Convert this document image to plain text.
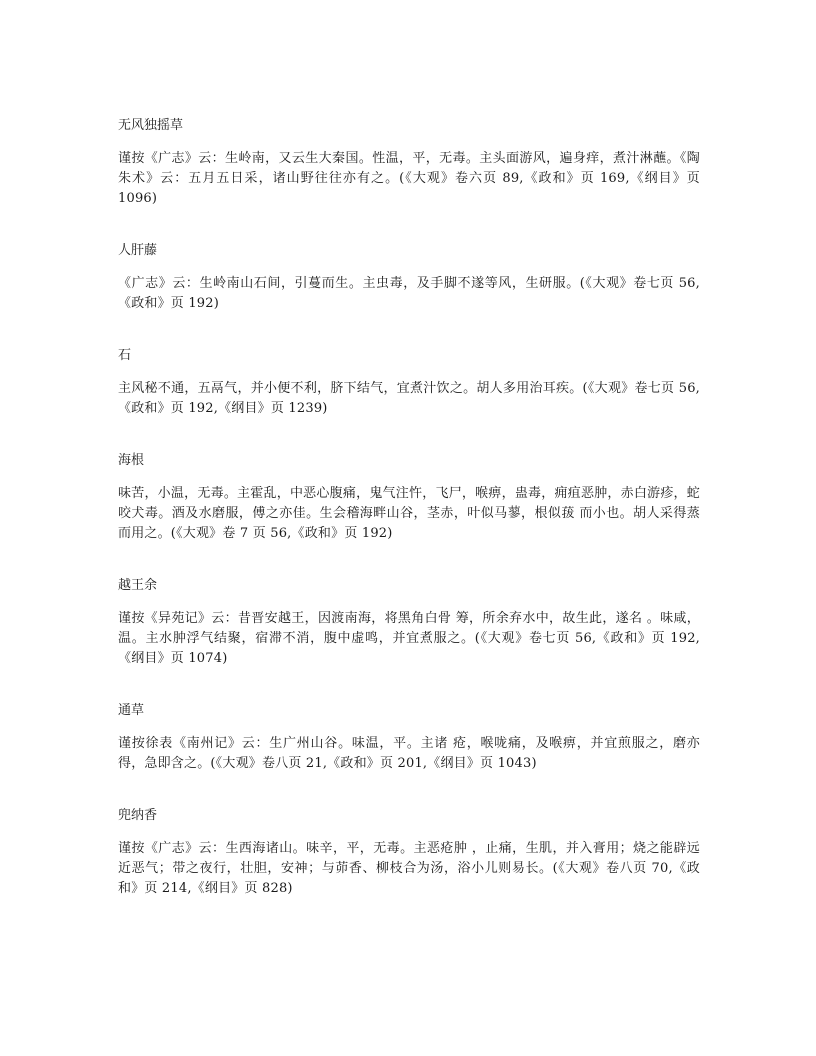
无风独摇草

谨按《广志》云：生岭南，又云生大秦国。性温，平，无毒。主头面游风，遍身痒，煮汁淋蘸。《陶朱术》云：五月五日采，诸山野往往亦有之。(《大观》卷六页 89,《政和》页 169,《纲目》页 1096)

人肝藤

《广志》云：生岭南山石间，引蔓而生。主虫毒，及手脚不遂等风，生研服。(《大观》卷七页 56,《政和》页 192)

石

主风秘不通，五鬲气，并小便不利，脐下结气，宜煮汁饮之。胡人多用治耳疾。(《大观》卷七页 56,《政和》页 192,《纲目》页 1239)

海根

味苦，小温，无毒。主霍乱，中恶心腹痛，鬼气注忤，飞尸，喉痹，蛊毒，痈疽恶肿，赤白游疹，蛇咬犬毒。酒及水磨服，傅之亦佳。生会稽海畔山谷，茎赤，叶似马蓼，根似菝 而小也。胡人采得蒸而用之。(《大观》卷 7 页 56,《政和》页 192)

越王余

谨按《异苑记》云：昔晋安越王，因渡南海，将黑角白骨 筹，所余弃水中，故生此，遂名 。味咸，温。主水肿浮气结聚，宿滞不消，腹中虚鸣，并宜煮服之。(《大观》卷七页 56,《政和》页 192,《纲目》页 1074)

通草

谨按徐表《南州记》云：生广州山谷。味温，平。主诸 疮，喉咙痛，及喉痹，并宜煎服之，磨亦得，急即含之。(《大观》卷八页 21,《政和》页 201,《纲目》页 1043)

兜纳香

谨按《广志》云：生西海诸山。味辛，平，无毒。主恶疮肿 ，止痛，生肌，并入膏用；烧之能辟远近恶气；带之夜行，壮胆，安神；与茆香、柳枝合为汤，浴小儿则易长。(《大观》卷八页 70,《政和》页 214,《纲目》页 828)
